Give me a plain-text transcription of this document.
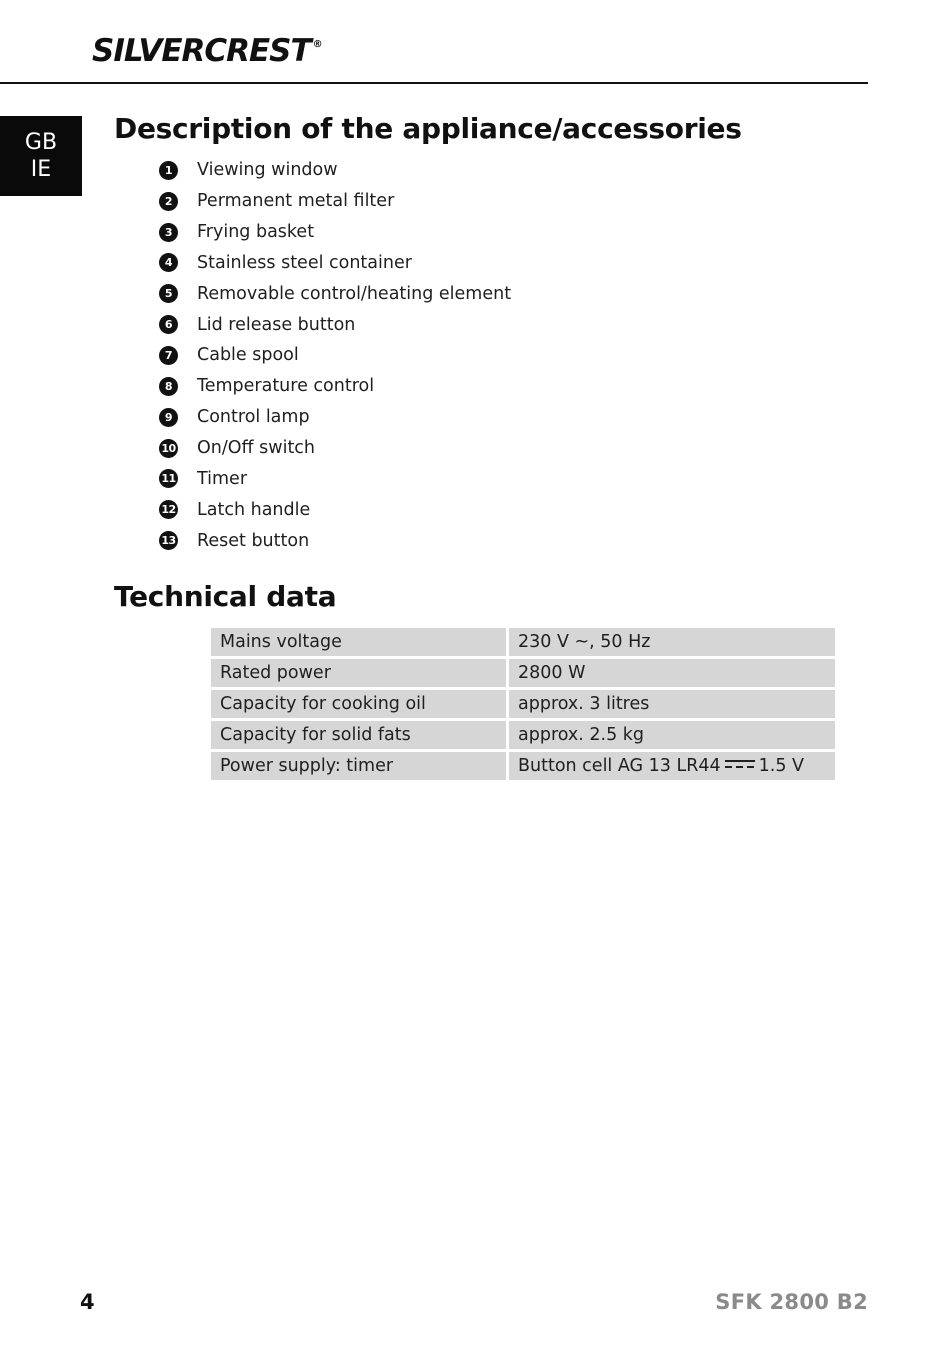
SILVERCREST ®
GB
IE
Description of the appliance/accessories
1	Viewing window
2	Permanent metal filter
3	Frying basket
4	Stainless steel container
5	Removable control/heating element
6	Lid release button
7	Cable spool
8	Temperature control
9	Control lamp
10 On/Off switch
11 Timer
12 Latch handle
13 Reset button
Technical data
Mains voltage	230 V ~, 50 Hz
Rated power	2800 W
Capacity for cooking oil	approx. 3 litres
Capacity for solid fats	approx. 2.5 kg
Power supply: timer	Button cell AG 13 LR44 1.5 V
4	SFK 2800 B2
